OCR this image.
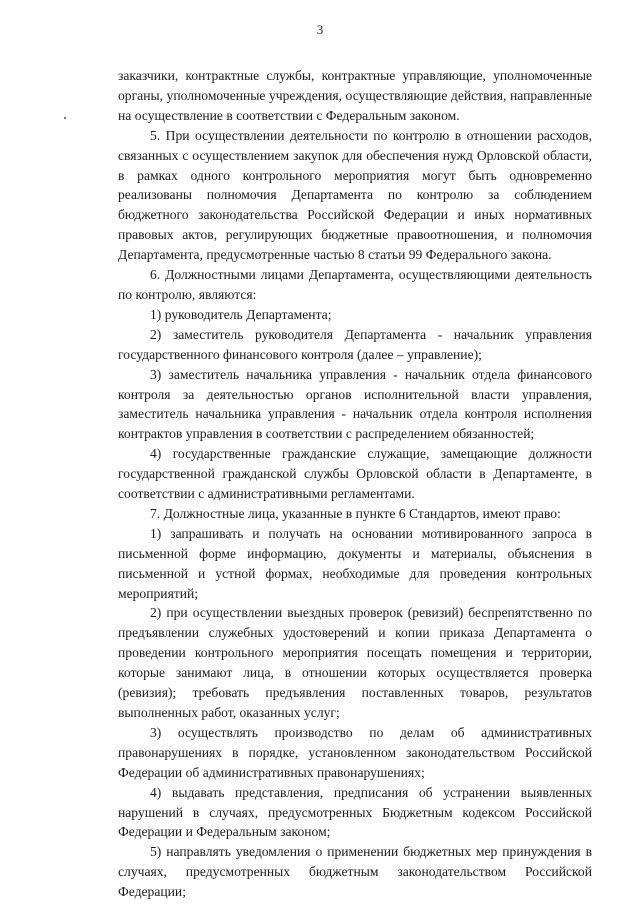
3

заказчики, контрактные службы, контрактные управляющие, уполномоченные органы, уполномоченные учреждения, осуществляющие действия, направленные на осуществление в соответствии с Федеральным законом.

5. При осуществлении деятельности по контролю в отношении расходов, связанных с осуществлением закупок для обеспечения нужд Орловской области, в рамках одного контрольного мероприятия могут быть одновременно реализованы полномочия Департамента по контролю за соблюдением бюджетного законодательства Российской Федерации и иных нормативных правовых актов, регулирующих бюджетные правоотношения, и полномочия Департамента, предусмотренные частью 8 статьи 99 Федерального закона.

6. Должностными лицами Департамента, осуществляющими деятельность по контролю, являются:

1) руководитель Департамента;

2) заместитель руководителя Департамента - начальник управления государственного финансового контроля (далее – управление);

3) заместитель начальника управления - начальник отдела финансового контроля за деятельностью органов исполнительной власти управления, заместитель начальника управления - начальник отдела контроля исполнения контрактов управления в соответствии с распределением обязанностей;

4) государственные гражданские служащие, замещающие должности государственной гражданской службы Орловской области в Департаменте, в соответствии с административными регламентами.

7. Должностные лица, указанные в пункте 6 Стандартов, имеют право:

1) запрашивать и получать на основании мотивированного запроса в письменной форме информацию, документы и материалы, объяснения в письменной и устной формах, необходимые для проведения контрольных мероприятий;

2) при осуществлении выездных проверок (ревизий) беспрепятственно по предъявлении служебных удостоверений и копии приказа Департамента о проведении контрольного мероприятия посещать помещения и территории, которые занимают лица, в отношении которых осуществляется проверка (ревизия); требовать предъявления поставленных товаров, результатов выполненных работ, оказанных услуг;

3) осуществлять производство по делам об административных правонарушениях в порядке, установленном законодательством Российской Федерации об административных правонарушениях;

4) выдавать представления, предписания об устранении выявленных нарушений в случаях, предусмотренных Бюджетным кодексом Российской Федерации и Федеральным законом;

5) направлять уведомления о применении бюджетных мер принуждения в случаях, предусмотренных бюджетным законодательством Российской Федерации;
